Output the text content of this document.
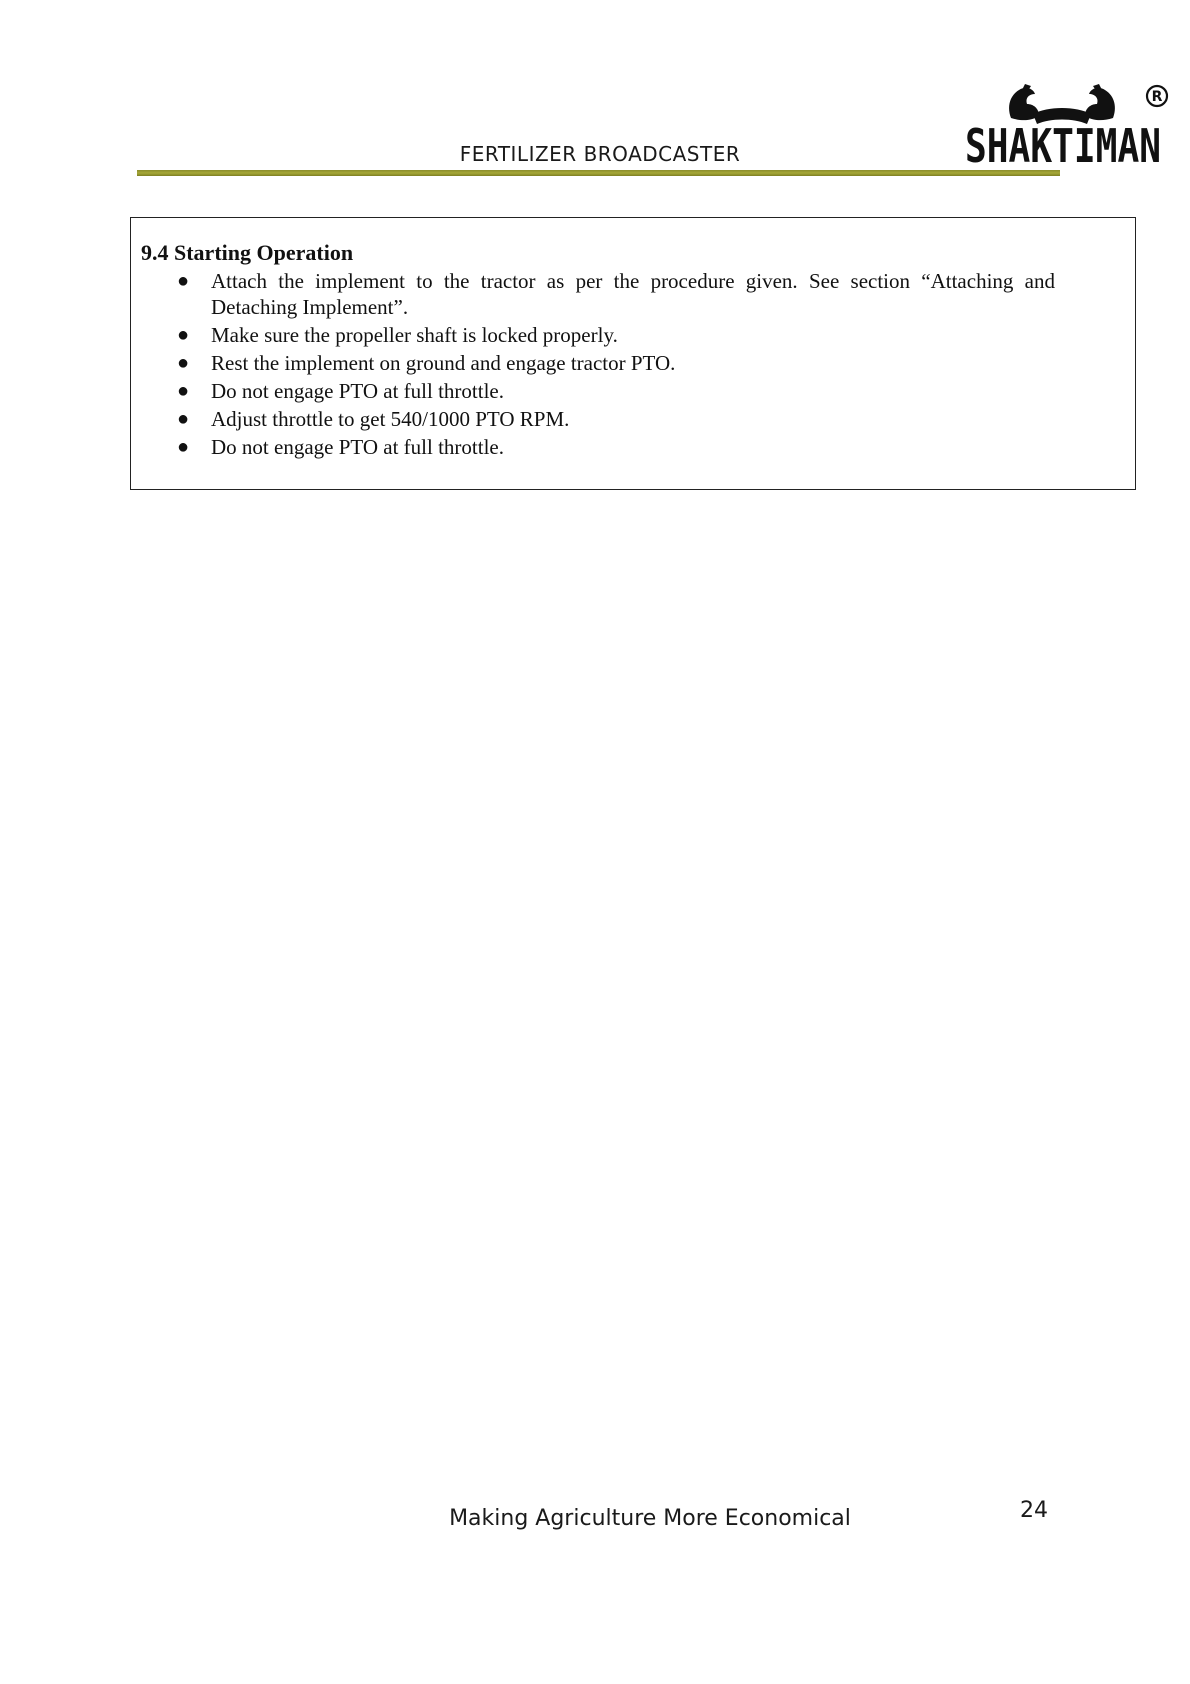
FERTILIZER BROADCASTER
R
SHAKTIMAN
9.4 Starting Operation
● Attach the implement to the tractor as per the procedure given. See section “Attaching and Detaching Implement”.
● Make sure the propeller shaft is locked properly.
● Rest the implement on ground and engage tractor PTO.
● Do not engage PTO at full throttle.
● Adjust throttle to get 540/1000 PTO RPM.
● Do not engage PTO at full throttle.
Making Agriculture More Economical	24
